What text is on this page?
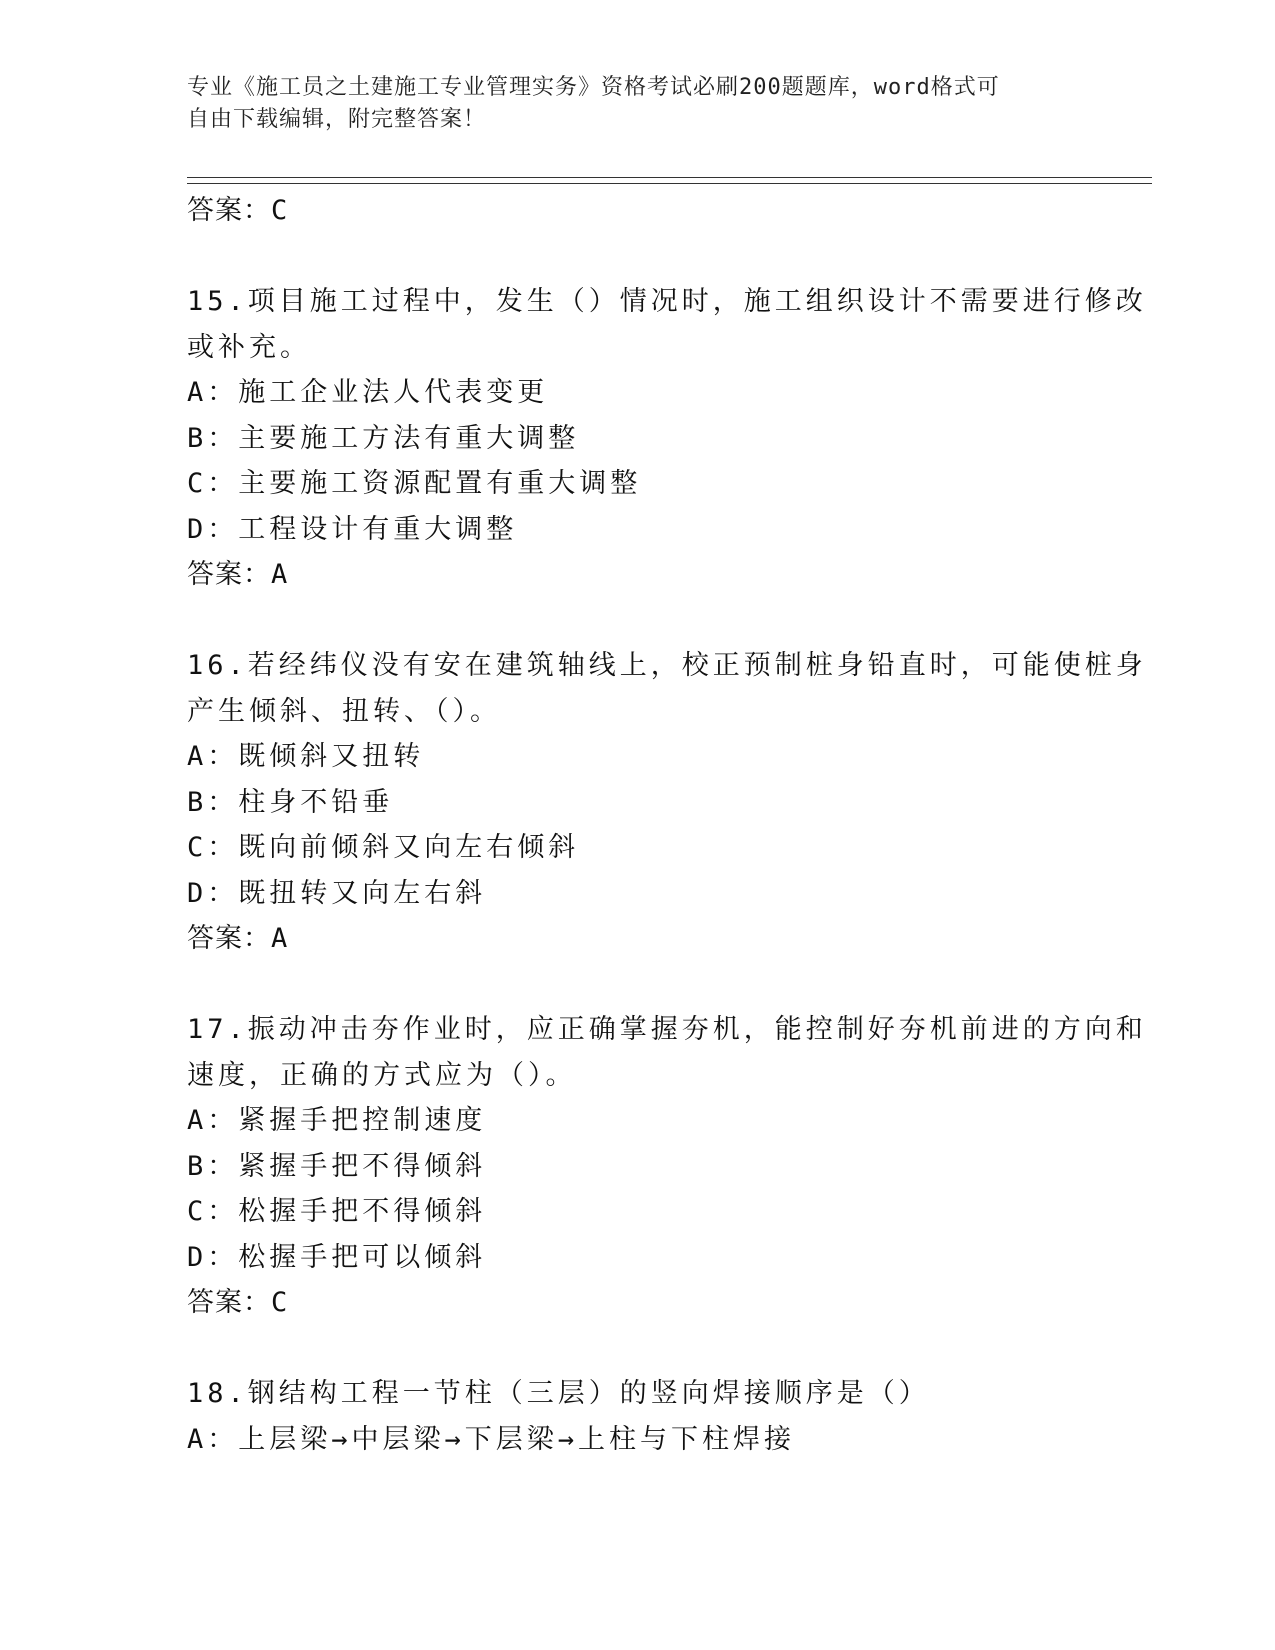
专业《施工员之土建施工专业管理实务》资格考试必刷200题题库，word格式可
自由下载编辑，附完整答案！
答案：C
15.项目施工过程中，发生（）情况时，施工组织设计不需要进行修改
或补充。
A：施工企业法人代表变更
B：主要施工方法有重大调整
C：主要施工资源配置有重大调整
D：工程设计有重大调整
答案：A
16.若经纬仪没有安在建筑轴线上，校正预制桩身铅直时，可能使桩身
产生倾斜、扭转、（）。
A：既倾斜又扭转
B：柱身不铅垂
C：既向前倾斜又向左右倾斜
D：既扭转又向左右斜
答案：A
17.振动冲击夯作业时，应正确掌握夯机，能控制好夯机前进的方向和
速度，正确的方式应为（）。
A：紧握手把控制速度
B：紧握手把不得倾斜
C：松握手把不得倾斜
D：松握手把可以倾斜
答案：C
18.钢结构工程一节柱（三层）的竖向焊接顺序是（）
A：上层梁→中层梁→下层梁→上柱与下柱焊接
